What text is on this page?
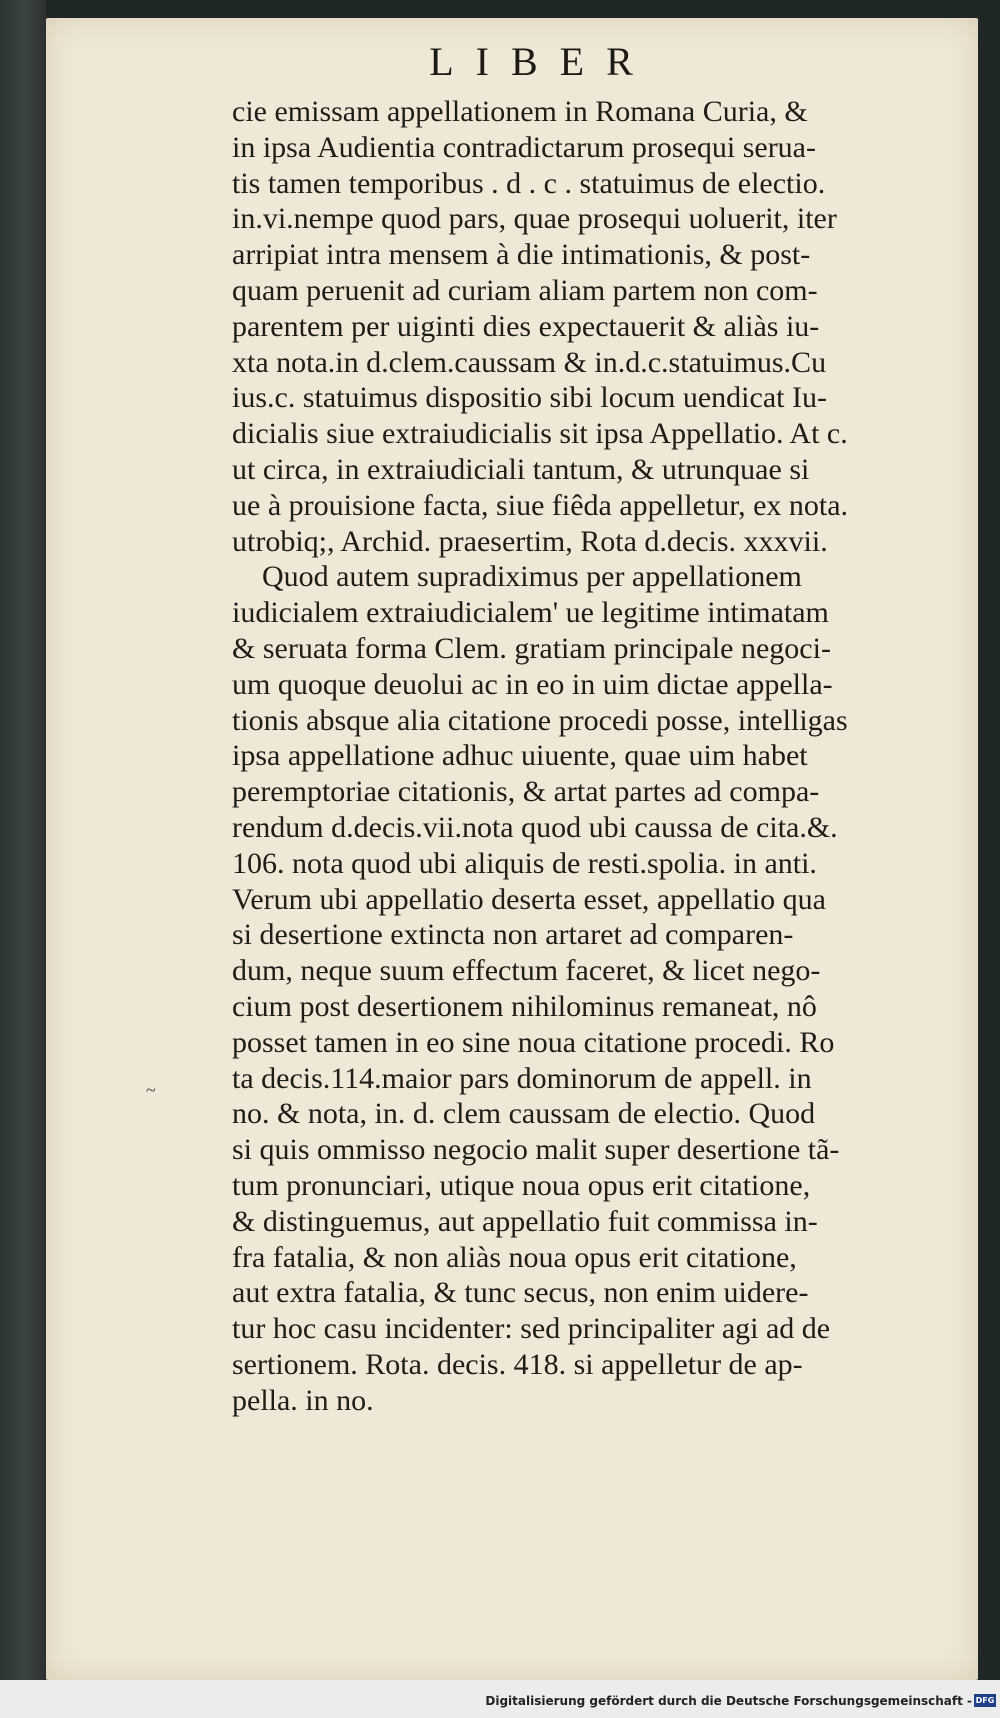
LIBER
~
cie emissam appellationem in Romana Curia, &
in ipsa Audientia contradictarum prosequi serua-
tis tamen temporibus . d . c . statuimus de electio.
in.vi.nempe quod pars, quae prosequi uoluerit, iter
arripiat intra mensem à die intimationis, & post-
quam peruenit ad curiam aliam partem non com-
parentem per uiginti dies expectauerit & aliàs iu-
xta nota.in d.clem.caussam & in.d.c.statuimus.Cu
ius.c. statuimus dispositio sibi locum uendicat Iu-
dicialis siue extraiudicialis sit ipsa Appellatio. At c.
ut circa, in extraiudiciali tantum, & utrunquae si
ue à prouisione facta, siue fiêda appelletur, ex nota.
utrobiq;, Archid. praesertim, Rota d.decis. xxxvii.
Quod autem supradiximus per appellationem
iudicialem extraiudicialem' ue legitime intimatam
& seruata forma Clem. gratiam principale negoci-
um quoque deuolui ac in eo in uim dictae appella-
tionis absque alia citatione procedi posse, intelligas
ipsa appellatione adhuc uiuente, quae uim habet
peremptoriae citationis, & artat partes ad compa-
rendum d.decis.vii.nota quod ubi caussa de cita.&.
106. nota quod ubi aliquis de resti.spolia. in anti.
Verum ubi appellatio deserta esset, appellatio qua
si desertione extincta non artaret ad comparen-
dum, neque suum effectum faceret, & licet nego-
cium post desertionem nihilominus remaneat, nô
posset tamen in eo sine noua citatione procedi. Ro
ta decis.114.maior pars dominorum de appell. in
no. & nota, in. d. clem caussam de electio. Quod
si quis ommisso negocio malit super desertione tã-
tum pronunciari, utique noua opus erit citatione,
& distinguemus, aut appellatio fuit commissa in-
fra fatalia, & non aliàs noua opus erit citatione,
aut extra fatalia, & tunc secus, non enim uidere-
tur hoc casu incidenter: sed principaliter agi ad de
sertionem. Rota. decis. 418. si appelletur de ap-
pella. in no.
Digitalisierung gefördert durch die Deutsche Forschungsgemeinschaft - DFG
